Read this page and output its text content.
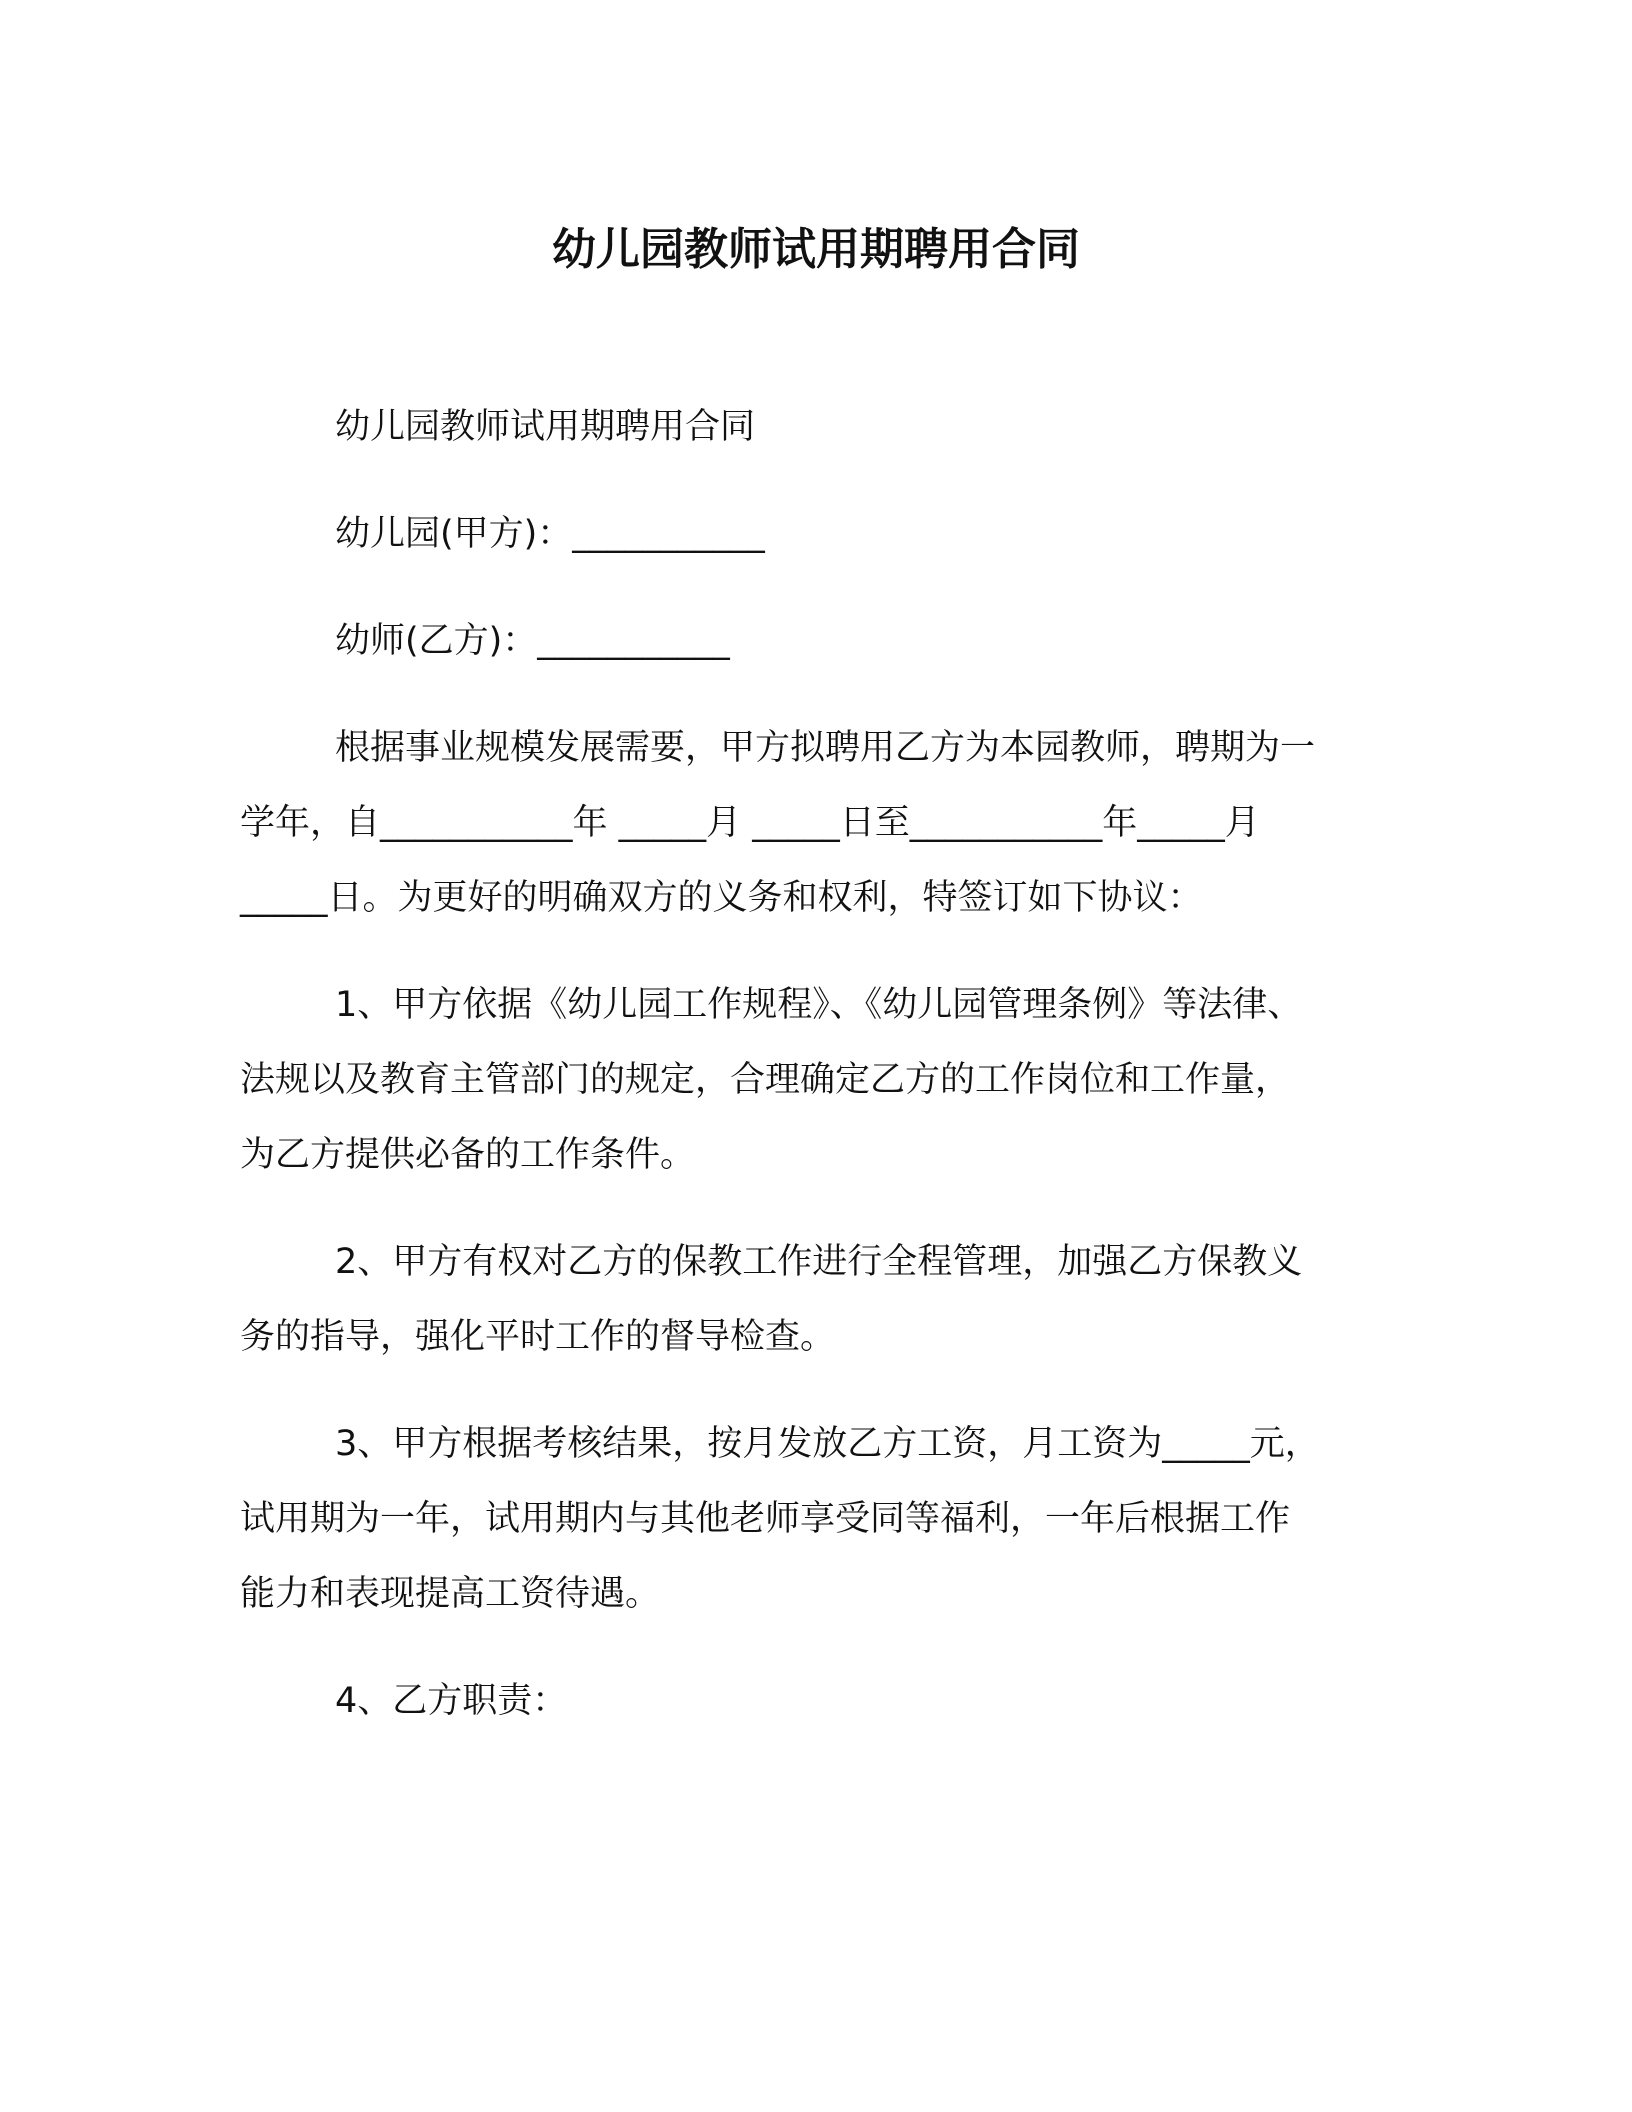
幼儿园教师试用期聘用合同

幼儿园教师试用期聘用合同

幼儿园(甲方)：___________

幼师(乙方)：___________

根据事业规模发展需要，甲方拟聘用乙方为本园教师，聘期为一
学年，自___________年 _____月 _____日至___________年_____月
_____日。为更好的明确双方的义务和权利，特签订如下协议：

1、甲方依据《幼儿园工作规程》、《幼儿园管理条例》等法律、
法规以及教育主管部门的规定，合理确定乙方的工作岗位和工作量，
为乙方提供必备的工作条件。

2、甲方有权对乙方的保教工作进行全程管理，加强乙方保教义
务的指导，强化平时工作的督导检查。

3、甲方根据考核结果，按月发放乙方工资，月工资为_____元，
试用期为一年，试用期内与其他老师享受同等福利，一年后根据工作
能力和表现提高工资待遇。

4、乙方职责：
